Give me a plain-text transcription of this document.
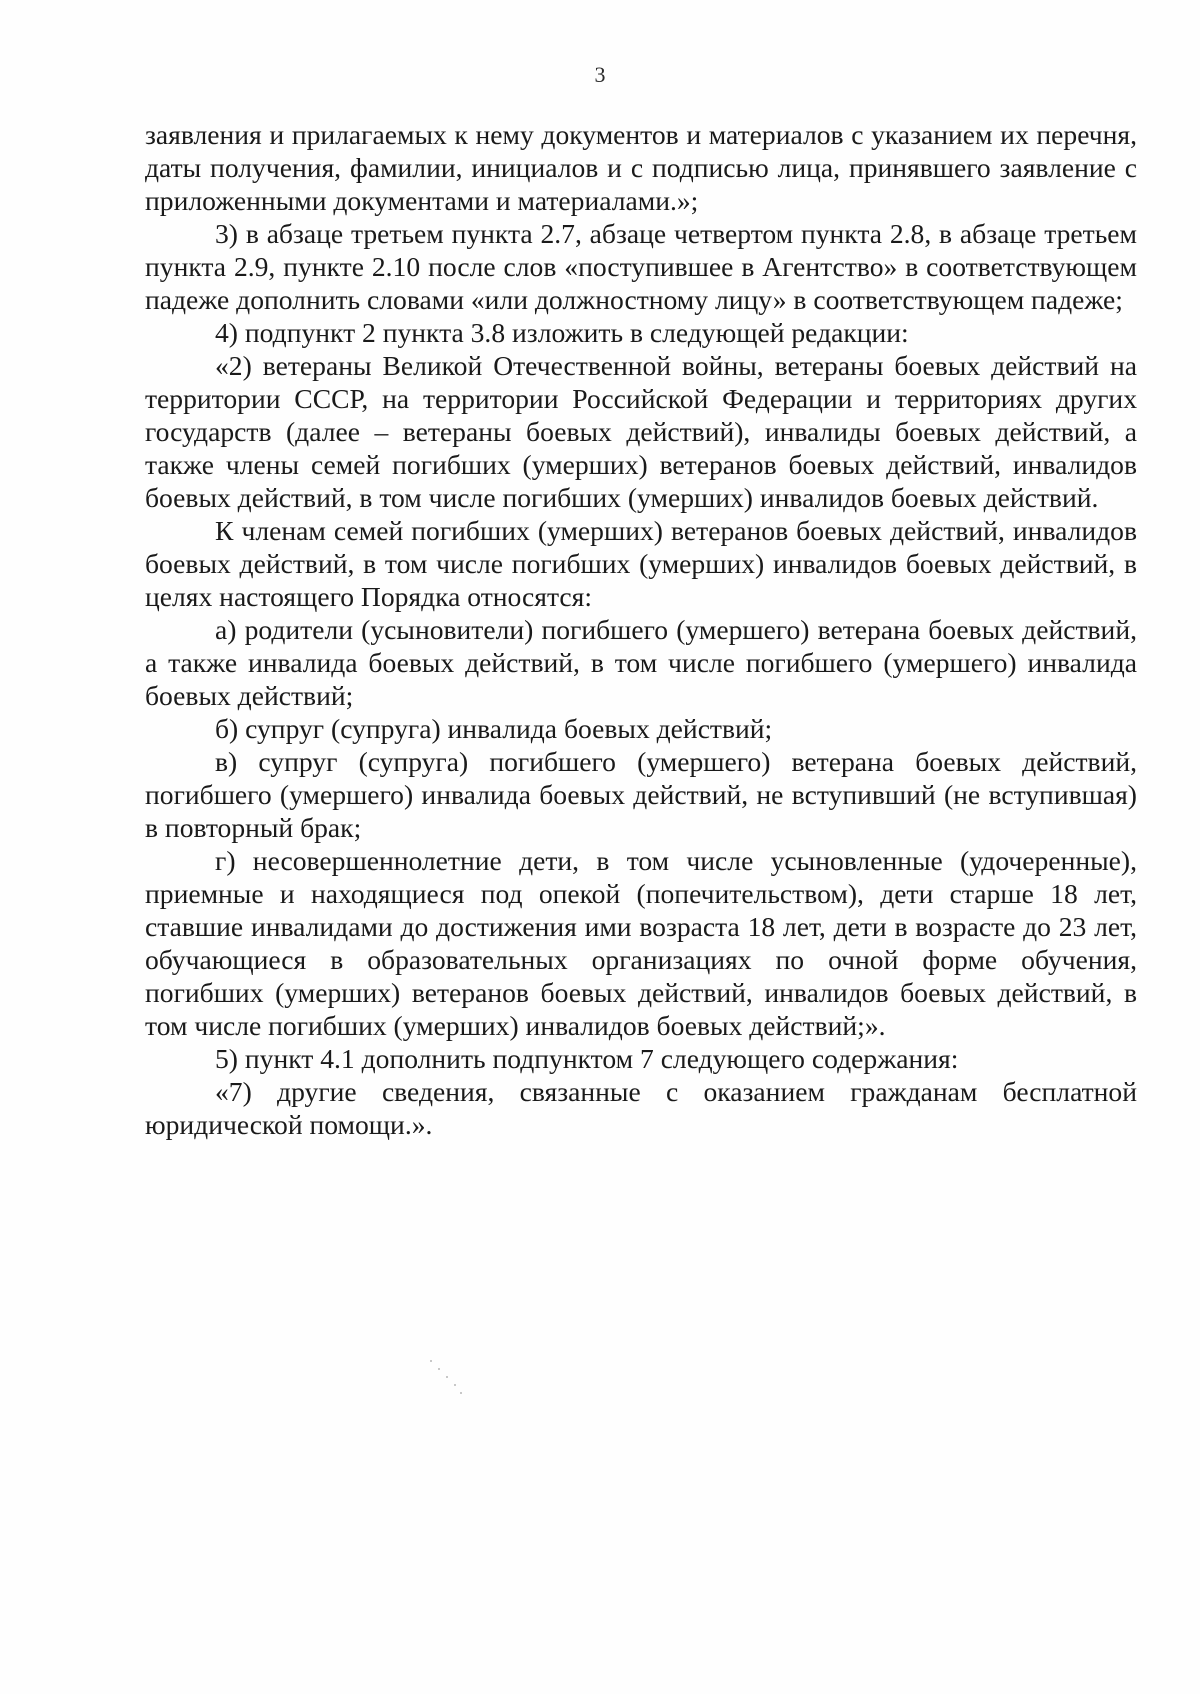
3

заявления и прилагаемых к нему документов и материалов с указанием их перечня, даты получения, фамилии, инициалов и с подписью лица, принявшего заявление с приложенными документами и материалами.»;

3) в абзаце третьем пункта 2.7, абзаце четвертом пункта 2.8, в абзаце третьем пункта 2.9, пункте 2.10 после слов «поступившее в Агентство» в соответствующем падеже дополнить словами «или должностному лицу» в соответствующем падеже;

4) подпункт 2 пункта 3.8 изложить в следующей редакции:

«2) ветераны Великой Отечественной войны, ветераны боевых действий на территории СССР, на территории Российской Федерации и территориях других государств (далее – ветераны боевых действий), инвалиды боевых действий, а также члены семей погибших (умерших) ветеранов боевых действий, инвалидов боевых действий, в том числе погибших (умерших) инвалидов боевых действий.

К членам семей погибших (умерших) ветеранов боевых действий, инвалидов боевых действий, в том числе погибших (умерших) инвалидов боевых действий, в целях настоящего Порядка относятся:

а) родители (усыновители) погибшего (умершего) ветерана боевых действий, а также инвалида боевых действий, в том числе погибшего (умершего) инвалида боевых действий;

б) супруг (супруга) инвалида боевых действий;

в) супруг (супруга) погибшего (умершего) ветерана боевых действий, погибшего (умершего) инвалида боевых действий, не вступивший (не вступившая) в повторный брак;

г) несовершеннолетние дети, в том числе усыновленные (удочеренные), приемные и находящиеся под опекой (попечительством), дети старше 18 лет, ставшие инвалидами до достижения ими возраста 18 лет, дети в возрасте до 23 лет, обучающиеся в образовательных организациях по очной форме обучения, погибших (умерших) ветеранов боевых действий, инвалидов боевых действий, в том числе погибших (умерших) инвалидов боевых действий;».

5) пункт 4.1 дополнить подпунктом 7 следующего содержания:

«7) другие сведения, связанные с оказанием гражданам бесплатной юридической помощи.».
